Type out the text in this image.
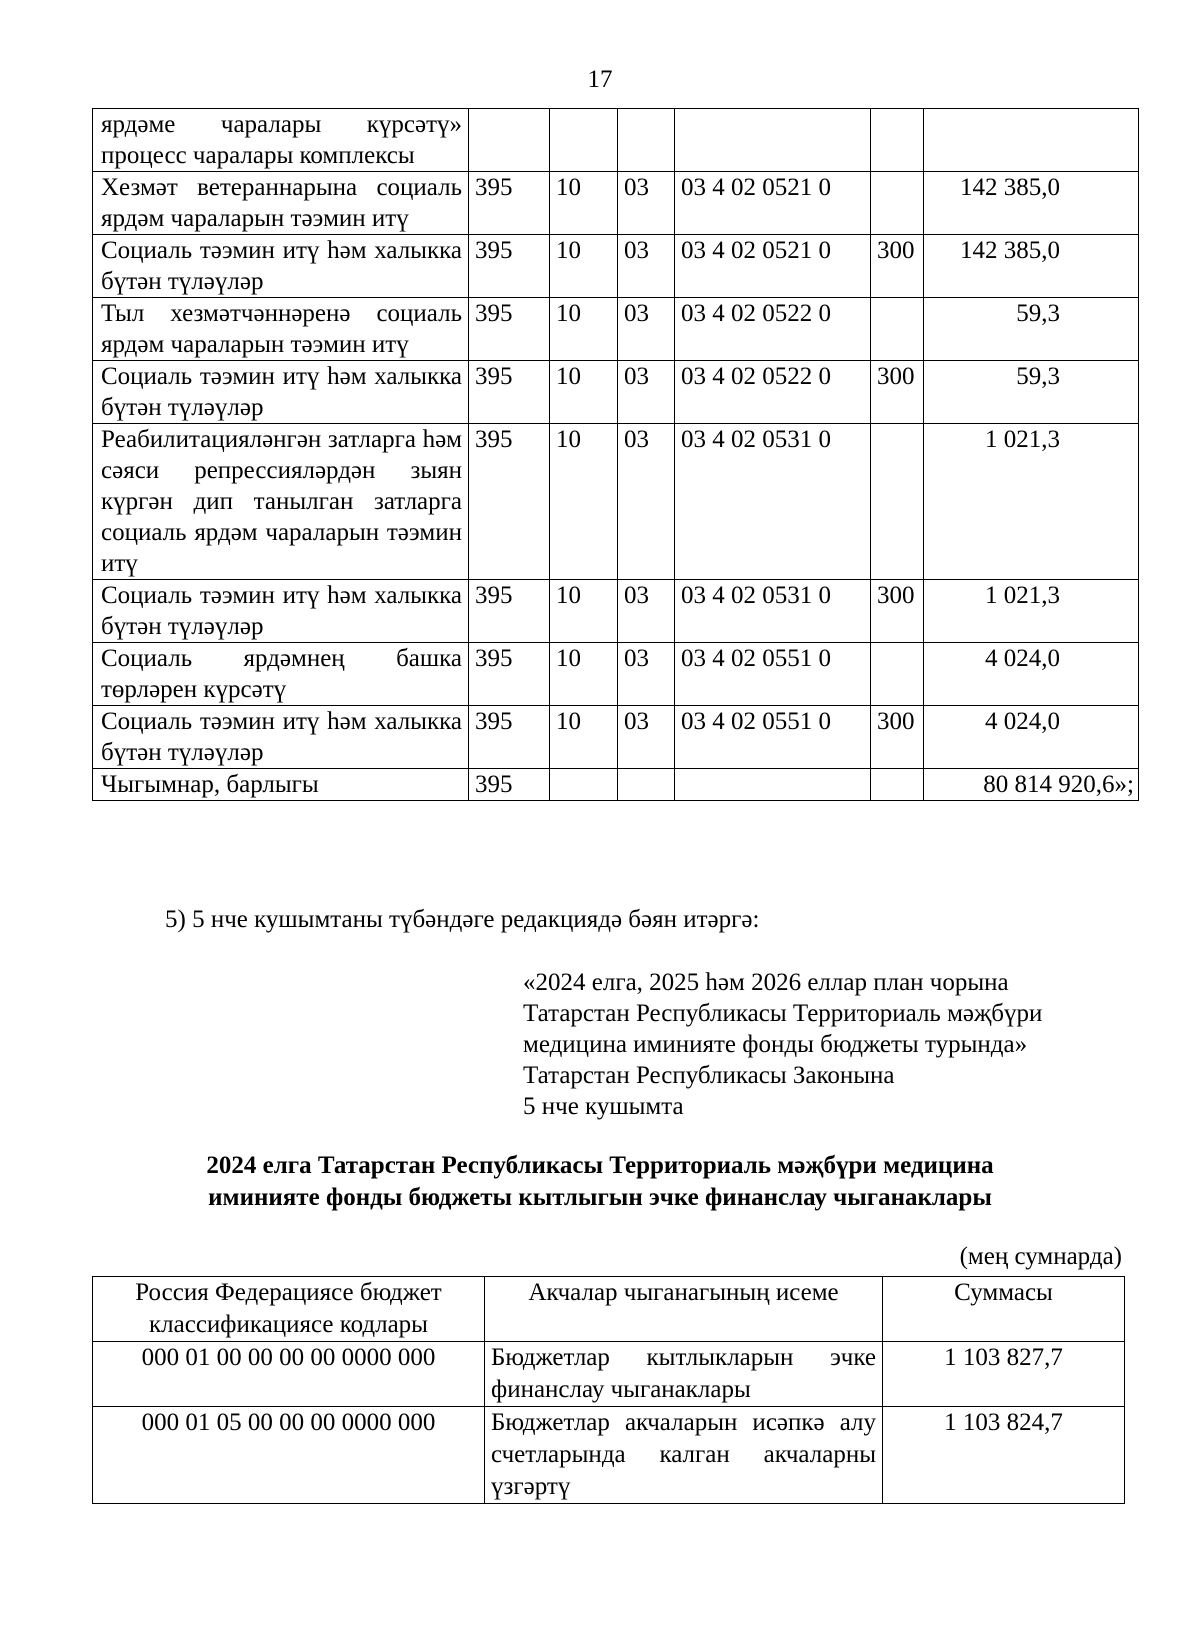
17
ярдәме чаралары күрсәтү» процесс чаралары комплексы						
Хезмәт ветераннарына социаль ярдәм чараларын тәэмин итү	395	10	03	03 4 02 0521 0		142 385,0
Социаль тәэмин итү һәм халыкка бүтән түләүләр	395	10	03	03 4 02 0521 0	300	142 385,0
Тыл хезмәтчәннәренә социаль ярдәм чараларын тәэмин итү	395	10	03	03 4 02 0522 0		59,3
Социаль тәэмин итү һәм халыкка бүтән түләүләр	395	10	03	03 4 02 0522 0	300	59,3
Реабилитацияләнгән затларга һәм сәяси репрессияләрдән зыян күргән дип танылган затларга социаль ярдәм чараларын тәэмин итү	395	10	03	03 4 02 0531 0		1 021,3
Социаль тәэмин итү һәм халыкка бүтән түләүләр	395	10	03	03 4 02 0531 0	300	1 021,3
Социаль ярдәмнең башка төрләрен күрсәтү	395	10	03	03 4 02 0551 0		4 024,0
Социаль тәэмин итү һәм халыкка бүтән түләүләр	395	10	03	03 4 02 0551 0	300	4 024,0
Чыгымнар, барлыгы	395					80 814 920,6»;
5) 5 нче кушымтаны түбәндәге редакциядә бәян итәргә:
«2024 елга, 2025 һәм 2026 еллар план чорына
Татарстан Республикасы Территориаль мәҗбүри
медицина иминияте фонды бюджеты турында»
Татарстан Республикасы Законына
5 нче кушымта
2024 елга Татарстан Республикасы Территориаль мәҗбүри медицина
иминияте фонды бюджеты кытлыгын эчке финанслау чыганаклары
(мең сумнарда)
Россия Федерациясе бюджет классификациясе кодлары	Акчалар чыганагының исеме	Суммасы
000 01 00 00 00 00 0000 000	Бюджетлар кытлыкларын эчке финанслау чыганаклары	1 103 827,7
000 01 05 00 00 00 0000 000	Бюджетлар акчаларын исәпкә алу счетларында калган акчаларны үзгәртү	1 103 824,7
